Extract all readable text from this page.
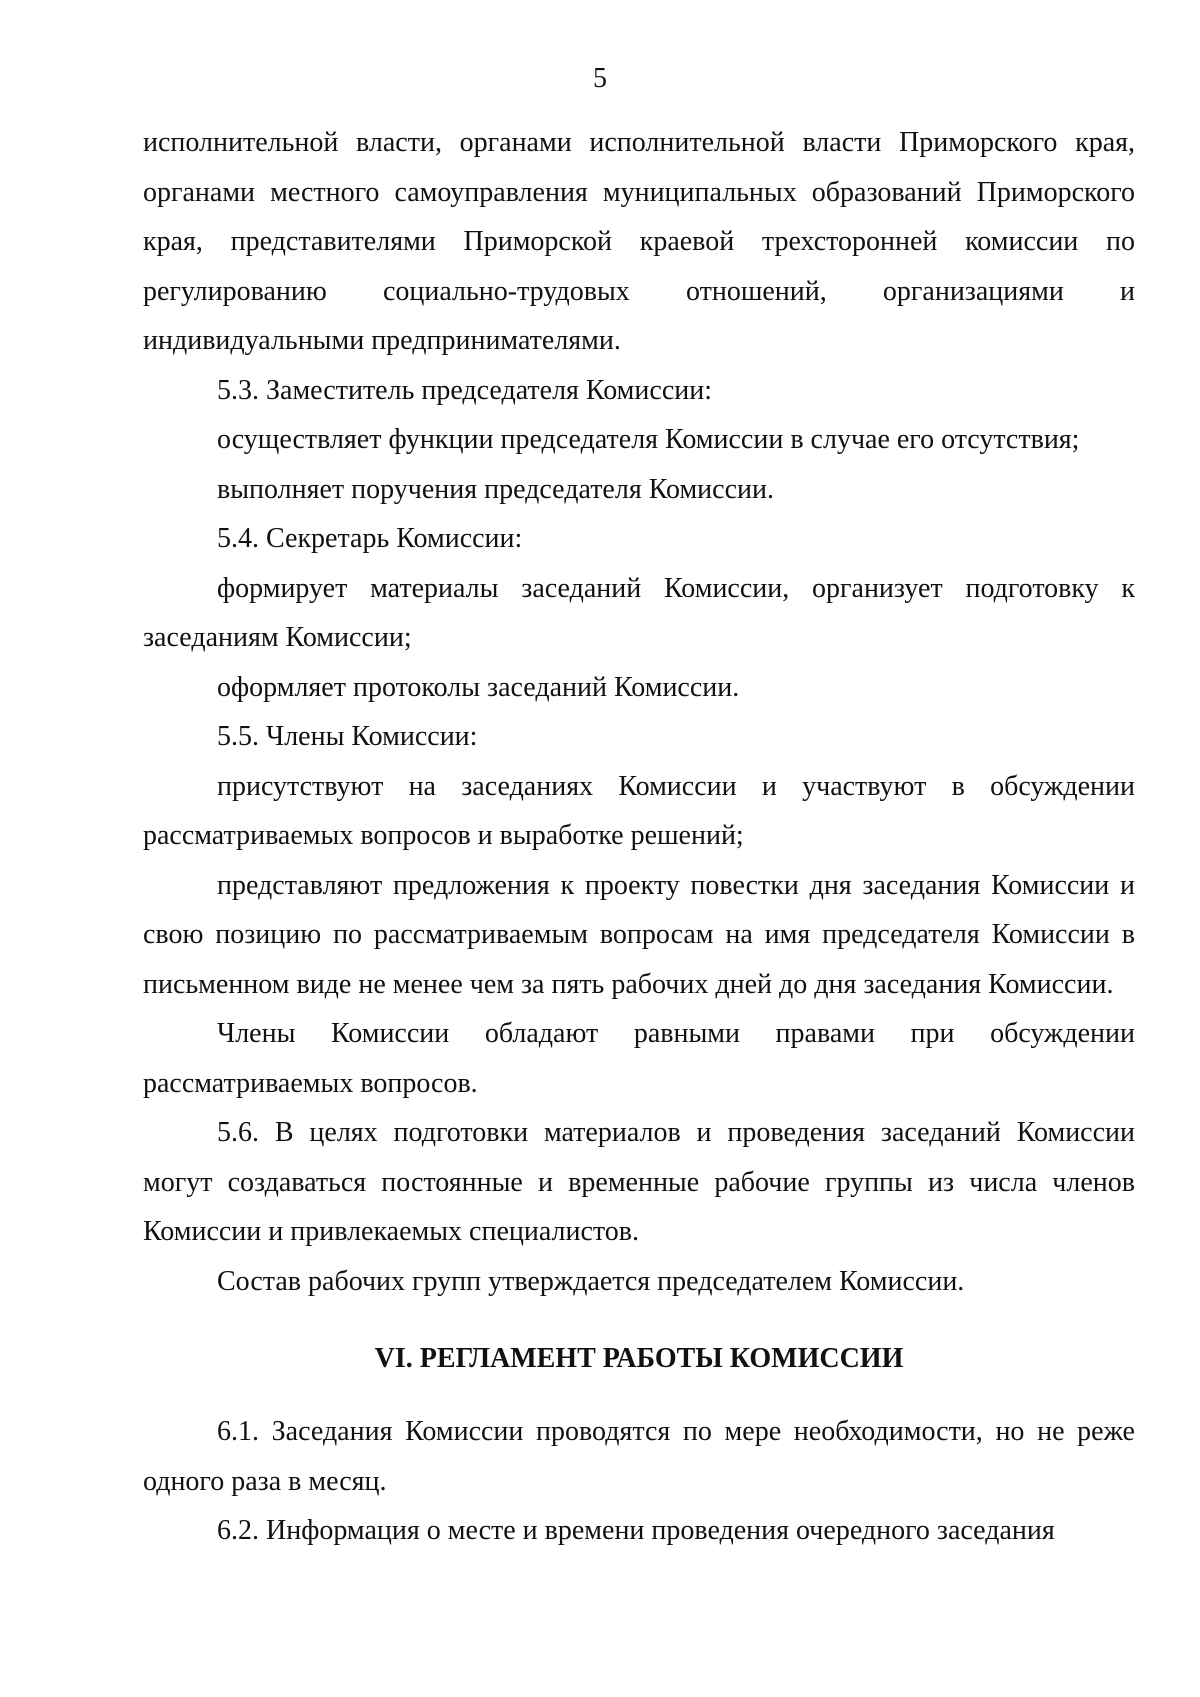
5

исполнительной власти, органами исполнительной власти Приморского края, органами местного самоуправления муниципальных образований Приморского края, представителями Приморской краевой трехсторонней комиссии по регулированию социально-трудовых отношений, организациями и индивидуальными предпринимателями.

5.3. Заместитель председателя Комиссии:

осуществляет функции председателя Комиссии в случае его отсутствия;

выполняет поручения председателя Комиссии.

5.4. Секретарь Комиссии:

формирует материалы заседаний Комиссии, организует подготовку к заседаниям Комиссии;

оформляет протоколы заседаний Комиссии.

5.5. Члены Комиссии:

присутствуют на заседаниях Комиссии и участвуют в обсуждении рассматриваемых вопросов и выработке решений;

представляют предложения к проекту повестки дня заседания Комиссии и свою позицию по рассматриваемым вопросам на имя председателя Комиссии в письменном виде не менее чем за пять рабочих дней до дня заседания Комиссии.

Члены Комиссии обладают равными правами при обсуждении рассматриваемых вопросов.

5.6. В целях подготовки материалов и проведения заседаний Комиссии могут создаваться постоянные и временные рабочие группы из числа членов Комиссии и привлекаемых специалистов.

Состав рабочих групп утверждается председателем Комиссии.

VI. РЕГЛАМЕНТ РАБОТЫ КОМИССИИ

6.1. Заседания Комиссии проводятся по мере необходимости, но не реже одного раза в месяц.

6.2. Информация о месте и времени проведения очередного заседания
